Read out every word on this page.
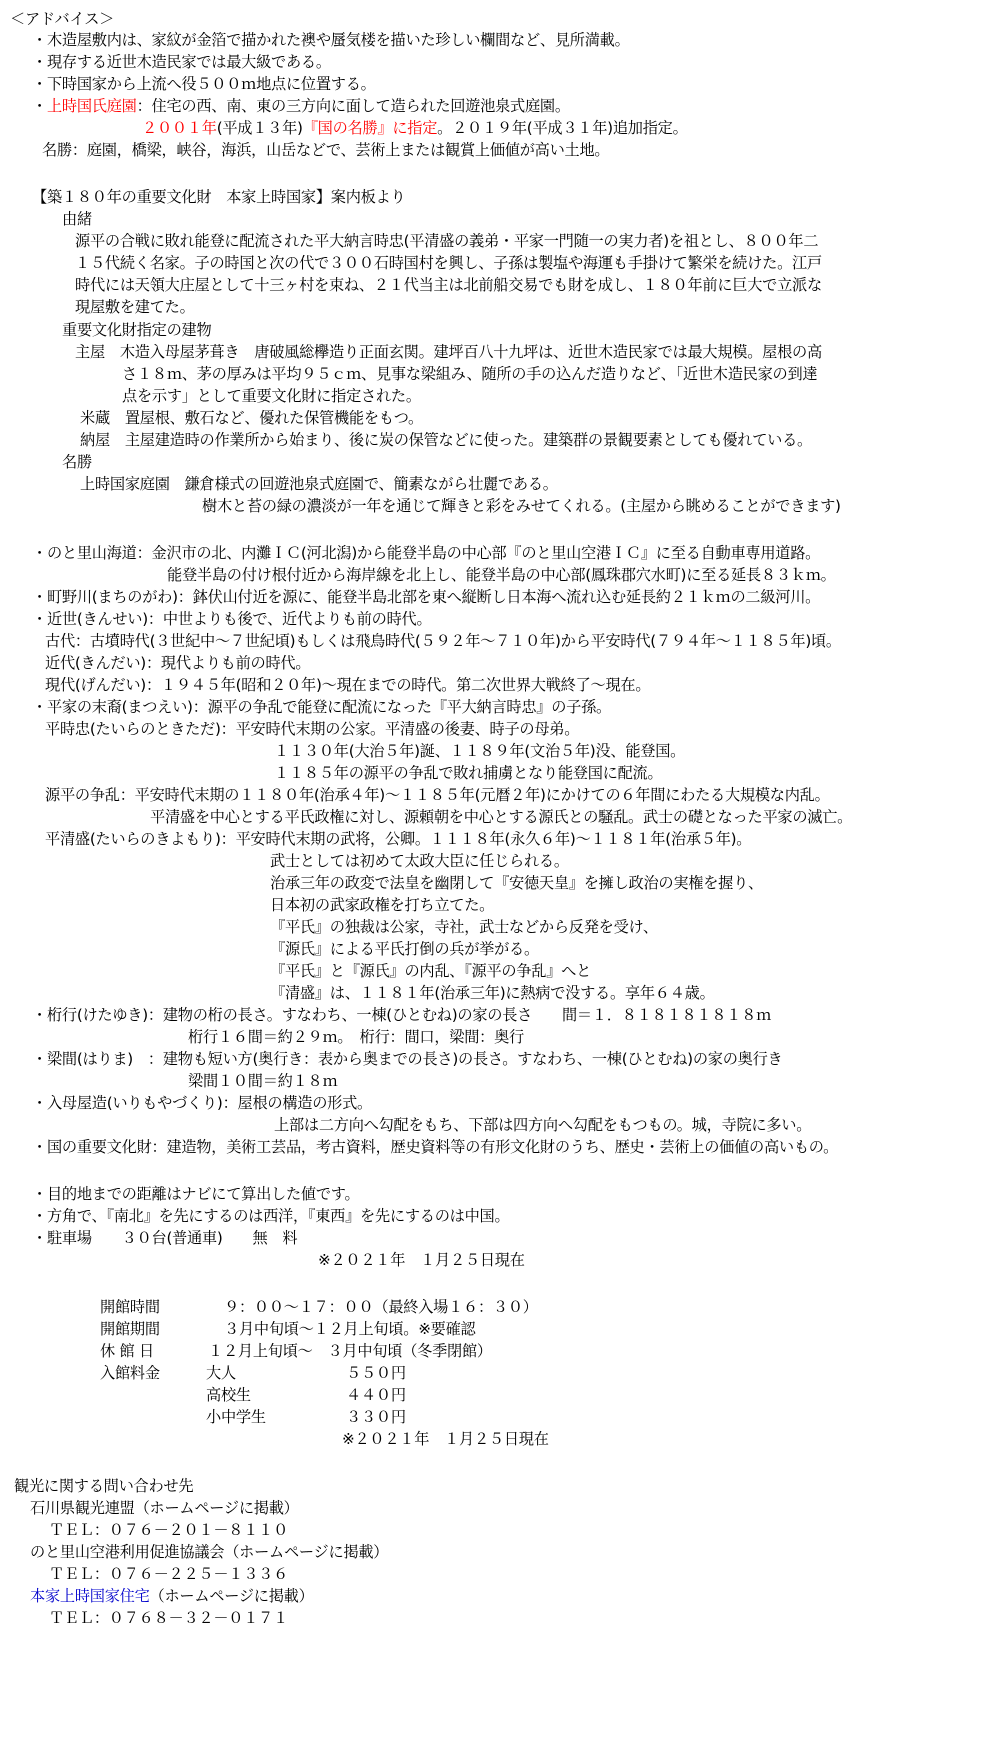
＜アドバイス＞
・木造屋敷内は、家紋が金箔で描かれた襖や蜃気楼を描いた珍しい欄間など、見所満載。
・現存する近世木造民家では最大級である。
・下時国家から上流へ役５００ｍ地点に位置する。
・上時国氏庭園：住宅の西、南、東の三方向に面して造られた回遊池泉式庭園。
２００１年(平成１３年)『国の名勝』に指定。２０１９年(平成３１年)追加指定。
名勝：庭園，橋梁，峡谷，海浜，山岳などで、芸術上または観賞上価値が高い土地。
【築１８０年の重要文化財　本家上時国家】案内板より
由緒
源平の合戦に敗れ能登に配流された平大納言時忠(平清盛の義弟・平家一門随一の実力者)を祖とし、８００年二
１５代続く名家。子の時国と次の代で３００石時国村を興し、子孫は製塩や海運も手掛けて繁栄を続けた。江戸
時代には天領大庄屋として十三ヶ村を束ね、２１代当主は北前船交易でも財を成し、１８０年前に巨大で立派な
現屋敷を建てた。
重要文化財指定の建物
主屋　木造入母屋茅葺き　唐破風総欅造り正面玄関。建坪百八十九坪は、近世木造民家では最大規模。屋根の高
さ１８ｍ、茅の厚みは平均９５ｃｍ、見事な梁組み、随所の手の込んだ造りなど、「近世木造民家の到達
点を示す」として重要文化財に指定された。
米蔵　置屋根、敷石など、優れた保管機能をもつ。
納屋　主屋建造時の作業所から始まり、後に炭の保管などに使った。建築群の景観要素としても優れている。
名勝
上時国家庭園　鎌倉様式の回遊池泉式庭園で、簡素ながら壮麗である。
樹木と苔の緑の濃淡が一年を通じて輝きと彩をみせてくれる。(主屋から眺めることができます)
・のと里山海道：金沢市の北、内灘ＩＣ(河北潟)から能登半島の中心部『のと里山空港ＩＣ』に至る自動車専用道路。
能登半島の付け根付近から海岸線を北上し、能登半島の中心部(鳳珠郡穴水町)に至る延長８３ｋｍ。
・町野川(まちのがわ)：鉢伏山付近を源に、能登半島北部を東へ縦断し日本海へ流れ込む延長約２１ｋｍの二級河川。
・近世(きんせい)：中世よりも後で、近代よりも前の時代。
古代：古墳時代(３世紀中～７世紀頃)もしくは飛鳥時代(５９２年～７１０年)から平安時代(７９４年～１１８５年)頃。
近代(きんだい)：現代よりも前の時代。
現代(げんだい)：１９４５年(昭和２０年)～現在までの時代。第二次世界大戦終了～現在。
・平家の末裔(まつえい)：源平の争乱で能登に配流になった『平大納言時忠』の子孫。
平時忠(たいらのときただ)：平安時代末期の公家。平清盛の後妻、時子の母弟。
１１３０年(大治５年)誕、１１８９年(文治５年)没、能登国。
１１８５年の源平の争乱で敗れ捕虜となり能登国に配流。
源平の争乱：平安時代末期の１１８０年(治承４年)～１１８５年(元暦２年)にかけての６年間にわたる大規模な内乱。
平清盛を中心とする平氏政権に対し、源頼朝を中心とする源氏との騒乱。武士の礎となった平家の滅亡。
平清盛(たいらのきよもり)：平安時代末期の武将，公卿。１１１８年(永久６年)～１１８１年(治承５年)。
武士としては初めて太政大臣に任じられる。
治承三年の政変で法皇を幽閉して『安徳天皇』を擁し政治の実権を握り、
日本初の武家政権を打ち立てた。
『平氏』の独裁は公家，寺社，武士などから反発を受け、
『源氏』による平氏打倒の兵が挙がる。
『平氏』と『源氏』の内乱、『源平の争乱』へと
『清盛』は、１１８１年(治承三年)に熱病で没する。享年６４歳。
・桁行(けたゆき)：建物の桁の長さ。すなわち、一棟(ひとむね)の家の長さ　　間＝１．８１８１８１８１８ｍ
桁行１６間＝約２９ｍ。　桁行：間口，梁間：奥行
・梁間(はりま)　：建物も短い方(奥行き：表から奥までの長さ)の長さ。すなわち、一棟(ひとむね)の家の奥行き
梁間１０間＝約１８ｍ
・入母屋造(いりもやづくり)：屋根の構造の形式。
上部は二方向へ勾配をもち、下部は四方向へ勾配をもつもの。城，寺院に多い。
・国の重要文化財：建造物，美術工芸品，考古資料，歴史資料等の有形文化財のうち、歴史・芸術上の価値の高いもの。
・目的地までの距離はナビにて算出した値です。
・方角で、『南北』を先にするのは西洋，『東西』を先にするのは中国。
・駐車場　　３０台(普通車)　　無　料
※２０２１年　１月２５日現在
開館時間	９：００～１７：００（最終入場１６：３０）
開館期間	３月中旬頃～１２月上旬頃。※要確認
休 館 日	１２月上旬頃～　３月中旬頃（冬季閉館）
入館料金	大人	５５０円
高校生	４４０円
小中学生	３３０円
※２０２１年　１月２５日現在
観光に関する問い合わせ先
石川県観光連盟（ホームページに掲載）
ＴＥＬ：０７６－２０１－８１１０
のと里山空港利用促進協議会（ホームページに掲載）
ＴＥＬ：０７６－２２５－１３３６
本家上時国家住宅（ホームページに掲載）
ＴＥＬ：０７６８－３２－０１７１
